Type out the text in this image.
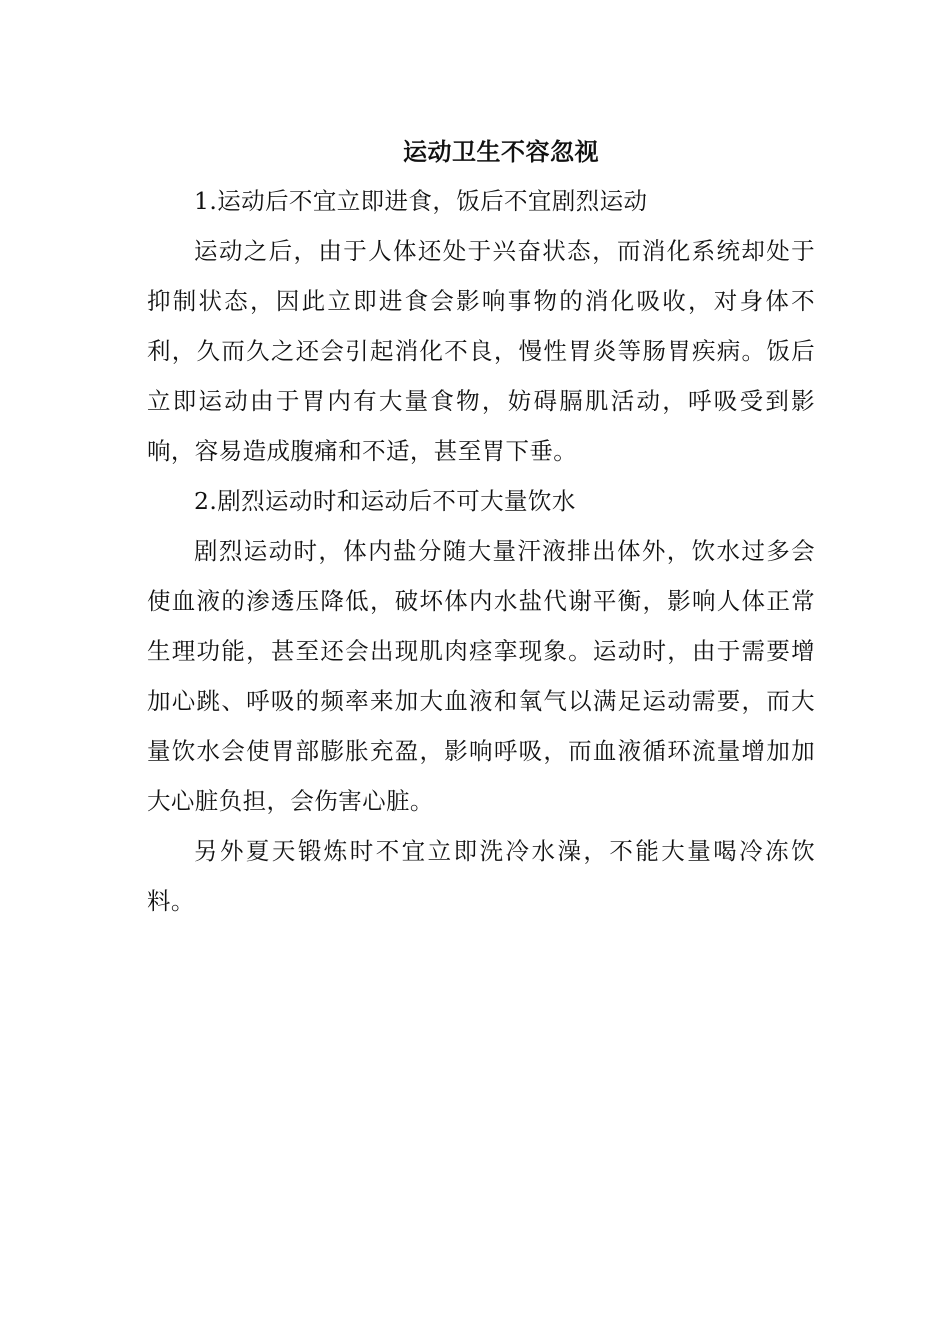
运动卫生不容忽视

1.运动后不宜立即进食，饭后不宜剧烈运动

运动之后，由于人体还处于兴奋状态，而消化系统却处于抑制状态，因此立即进食会影响事物的消化吸收，对身体不利，久而久之还会引起消化不良，慢性胃炎等肠胃疾病。饭后立即运动由于胃内有大量食物，妨碍膈肌活动，呼吸受到影响，容易造成腹痛和不适，甚至胃下垂。

2.剧烈运动时和运动后不可大量饮水

剧烈运动时，体内盐分随大量汗液排出体外，饮水过多会使血液的渗透压降低，破坏体内水盐代谢平衡，影响人体正常生理功能，甚至还会出现肌肉痉挛现象。运动时，由于需要增加心跳、呼吸的频率来加大血液和氧气以满足运动需要，而大量饮水会使胃部膨胀充盈，影响呼吸，而血液循环流量增加加大心脏负担，会伤害心脏。

另外夏天锻炼时不宜立即洗冷水澡，不能大量喝冷冻饮料。
